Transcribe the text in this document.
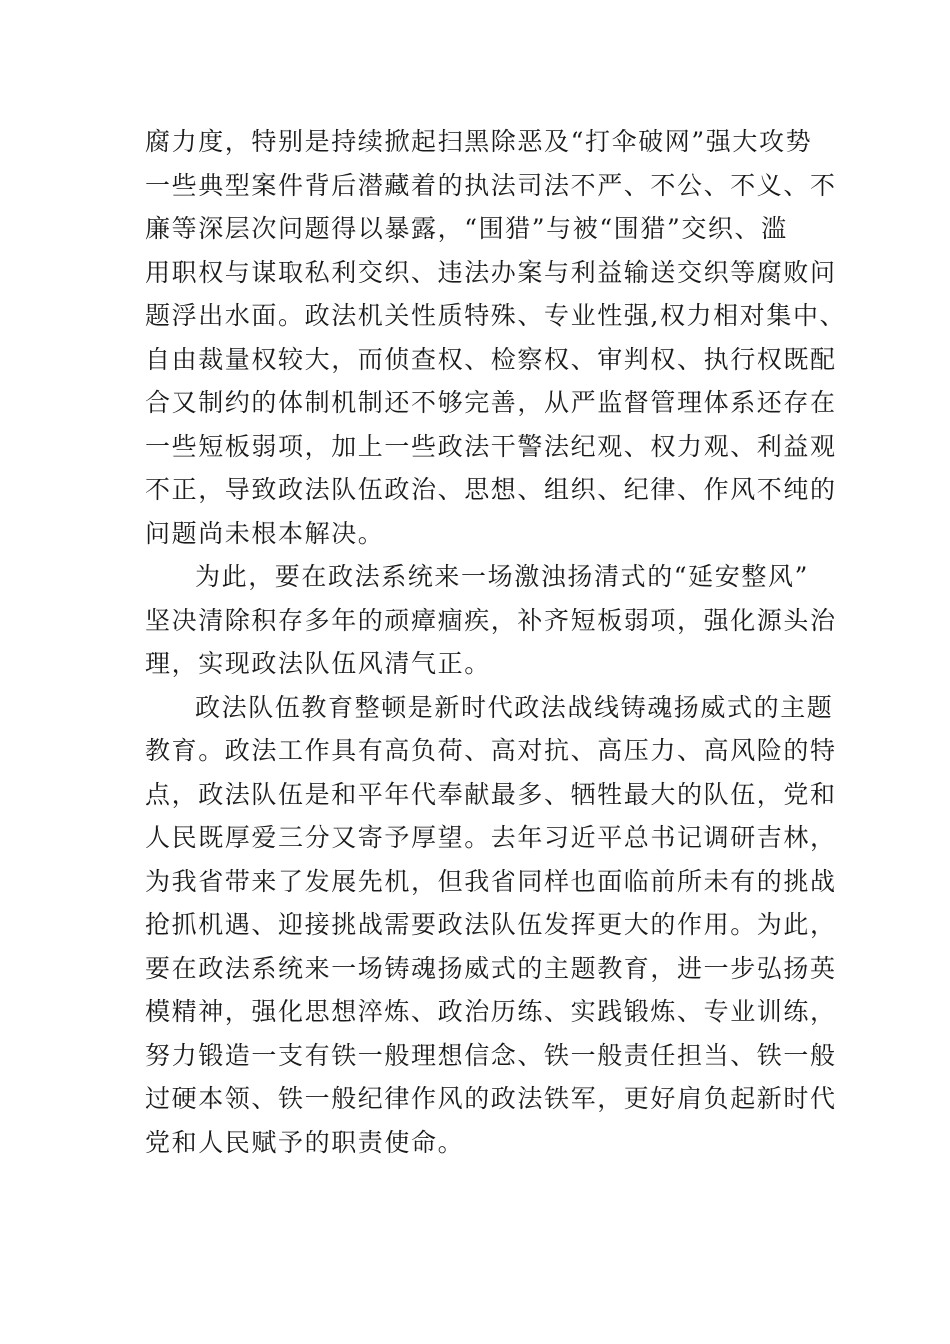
腐力度，特别是持续掀起扫黑除恶及“打伞破网”强大攻势
一些典型案件背后潜藏着的执法司法不严、不公、不义、不
廉等深层次问题得以暴露，“围猎”与被“围猎”交织、滥
用职权与谋取私利交织、违法办案与利益输送交织等腐败问
题浮出水面。政法机关性质特殊、专业性强,权力相对集中、
自由裁量权较大，而侦查权、检察权、审判权、执行权既配
合又制约的体制机制还不够完善，从严监督管理体系还存在
一些短板弱项，加上一些政法干警法纪观、权力观、利益观
不正，导致政法队伍政治、思想、组织、纪律、作风不纯的
问题尚未根本解决。
为此，要在政法系统来一场激浊扬清式的“延安整风”
坚决清除积存多年的顽瘴痼疾，补齐短板弱项，强化源头治
理，实现政法队伍风清气正。
政法队伍教育整顿是新时代政法战线铸魂扬威式的主题
教育。政法工作具有高负荷、高对抗、高压力、高风险的特
点，政法队伍是和平年代奉献最多、牺牲最大的队伍，党和
人民既厚爱三分又寄予厚望。去年习近平总书记调研吉林，
为我省带来了发展先机，但我省同样也面临前所未有的挑战
抢抓机遇、迎接挑战需要政法队伍发挥更大的作用。为此，
要在政法系统来一场铸魂扬威式的主题教育，进一步弘扬英
模精神，强化思想淬炼、政治历练、实践锻炼、专业训练，
努力锻造一支有铁一般理想信念、铁一般责任担当、铁一般
过硬本领、铁一般纪律作风的政法铁军，更好肩负起新时代
党和人民赋予的职责使命。
